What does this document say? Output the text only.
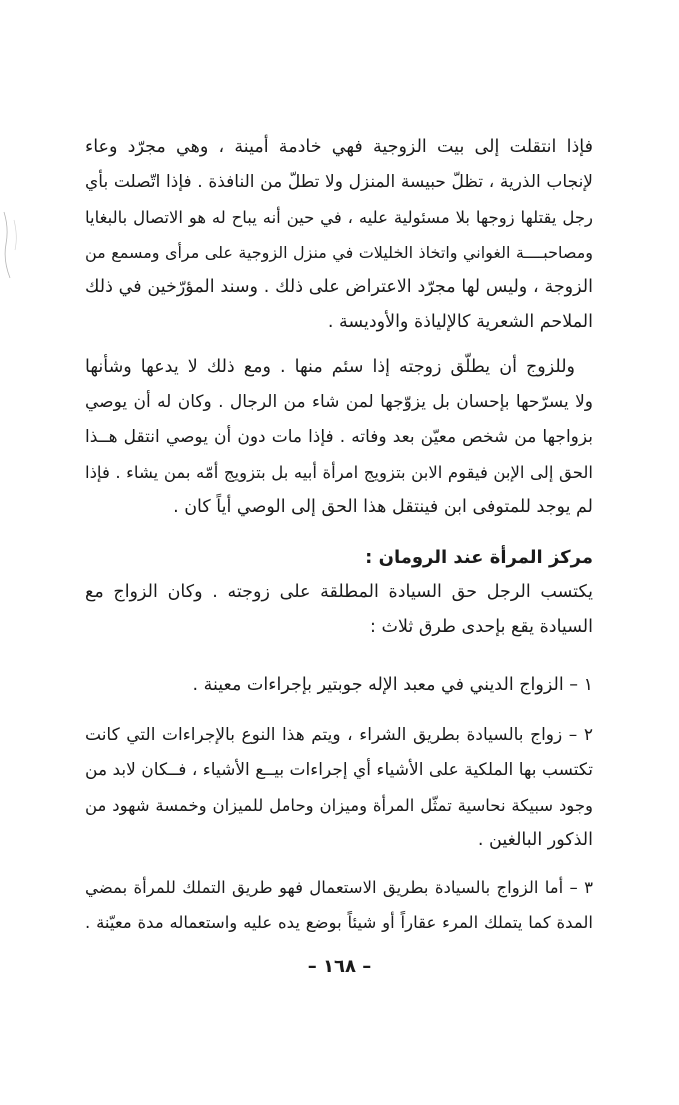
فإذا انتقلت إلى بيت الزوجية فهي خادمة أمينة ، وهي مجرّد وعاء
لإنجاب الذرية ، تظلّ حبيسة المنزل ولا تطلّ من النافذة . فإذا اتّصلت بأي
رجل يقتلها زوجها بلا مسئولية عليه ، في حين أنه يباح له هو الاتصال بالبغايا
ومصاحبــــة الغواني واتخاذ الخليلات في منزل الزوجية على مرأى ومسمع من
الزوجة ، وليس لها مجرّد الاعتراض على ذلك . وسند المؤرّخين في ذلك
الملاحم الشعرية كالإلياذة والأوديسة .
وللزوج أن يطلّق زوجته إذا سئم منها . ومع ذلك لا يدعها وشأنها
ولا يسرّحها بإحسان بل يزوّجها لمن شاء من الرجال . وكان له أن يوصي
بزواجها من شخص معيّن بعد وفاته . فإذا مات دون أن يوصي انتقل هــذا
الحق إلى الإبن فيقوم الابن بتزويج امرأة أبيه بل بتزويج أمّه بمن يشاء . فإذا
لم يوجد للمتوفى ابن فينتقل هذا الحق إلى الوصي أياً كان .
مركز المرأة عند الرومان :
يكتسب الرجل حق السيادة المطلقة على زوجته . وكان الزواج مع
السيادة يقع بإحدى طرق ثلاث :
١ – الزواج الديني في معبد الإله جوبتير بإجراءات معينة .
٢ – زواج بالسيادة بطريق الشراء ، ويتم هذا النوع بالإجراءات التي كانت
تكتسب بها الملكية على الأشياء أي إجراءات بيــع الأشياء ، فــكان لابد من
وجود سبيكة نحاسية تمثّل المرأة وميزان وحامل للميزان وخمسة شهود من
الذكور البالغين .
٣ – أما الزواج بالسيادة بطريق الاستعمال فهو طريق التملك للمرأة بمضي
المدة كما يتملك المرء عقاراً أو شيئاً بوضع يده عليه واستعماله مدة معيّنة .
– ١٦٨ –
